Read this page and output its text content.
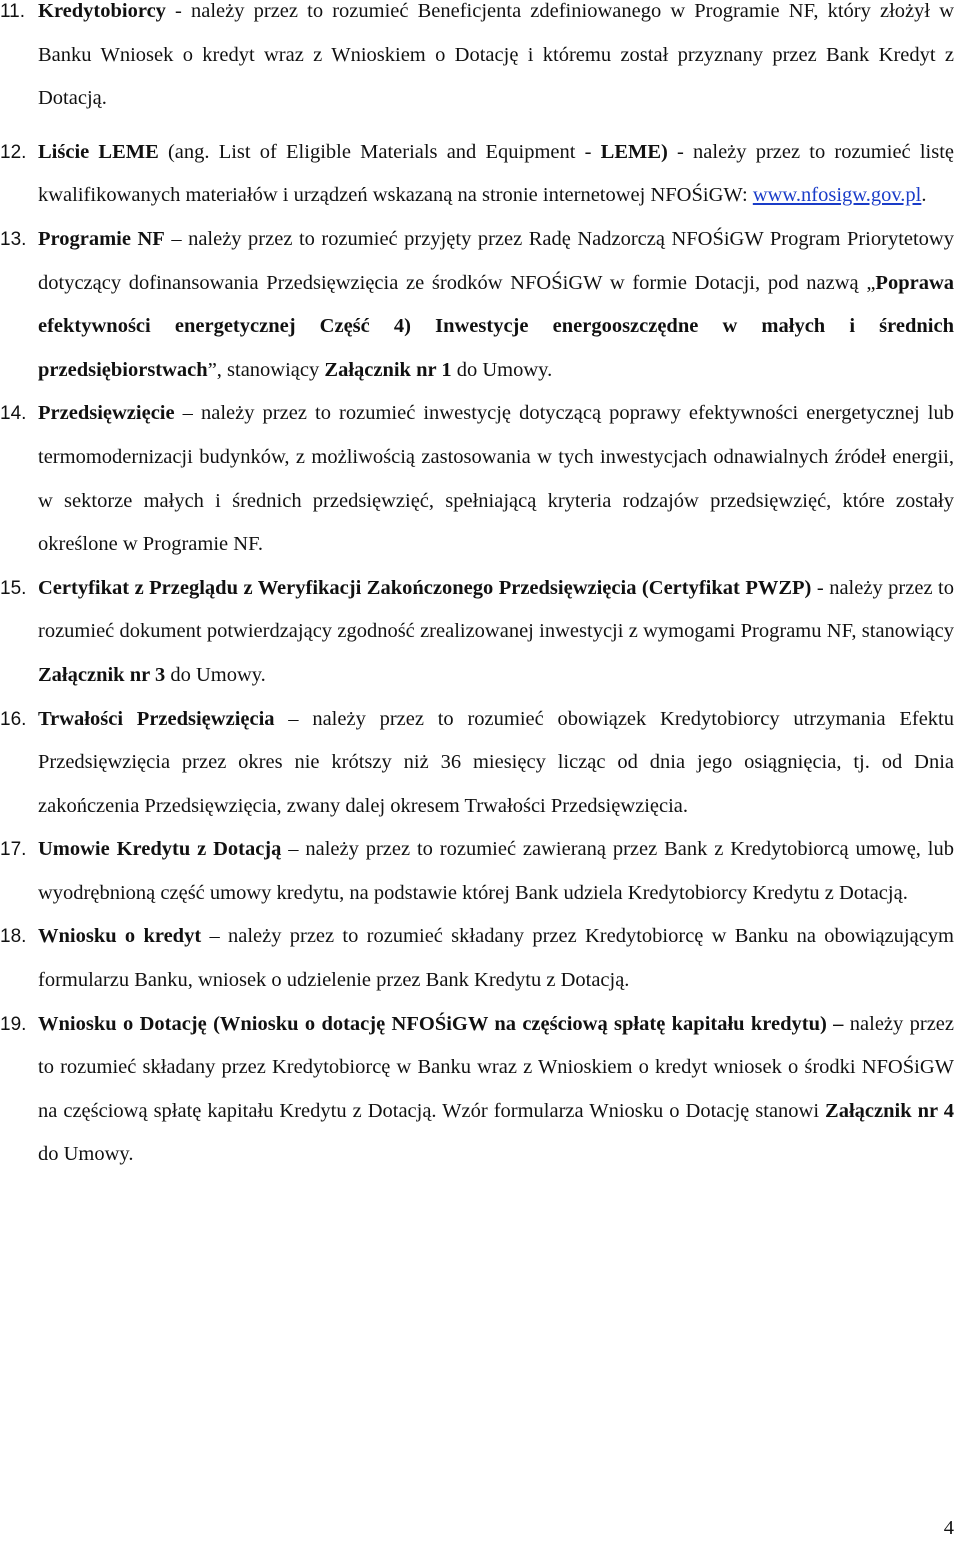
11. Kredytobiorcy - należy przez to rozumieć Beneficjenta zdefiniowanego w Programie NF, który złożył w Banku Wniosek o kredyt wraz z Wnioskiem o Dotację i któremu został przyznany przez Bank Kredyt z Dotacją.

12. Liście LEME (ang. List of Eligible Materials and Equipment - LEME) - należy przez to rozumieć listę kwalifikowanych materiałów i urządzeń wskazaną na stronie internetowej NFOŚiGW: www.nfosigw.gov.pl.

13. Programie NF – należy przez to rozumieć przyjęty przez Radę Nadzorczą NFOŚiGW Program Priorytetowy dotyczący dofinansowania Przedsięwzięcia ze środków NFOŚiGW w formie Dotacji, pod nazwą „Poprawa efektywności energetycznej Część 4) Inwestycje energooszczędne w małych i średnich przedsiębiorstwach”, stanowiący Załącznik nr 1 do Umowy.

14. Przedsięwzięcie – należy przez to rozumieć inwestycję dotyczącą poprawy efektywności energetycznej lub termomodernizacji budynków, z możliwością zastosowania w tych inwestycjach odnawialnych źródeł energii, w sektorze małych i średnich przedsięwzięć, spełniającą kryteria rodzajów przedsięwzięć, które zostały określone w Programie NF.

15. Certyfikat z Przeglądu z Weryfikacji Zakończonego Przedsięwzięcia (Certyfikat PWZP) - należy przez to rozumieć dokument potwierdzający zgodność zrealizowanej inwestycji z wymogami Programu NF, stanowiący Załącznik nr 3 do Umowy.

16. Trwałości Przedsięwzięcia – należy przez to rozumieć obowiązek Kredytobiorcy utrzymania Efektu Przedsięwzięcia przez okres nie krótszy niż 36 miesięcy licząc od dnia jego osiągnięcia, tj. od Dnia zakończenia Przedsięwzięcia, zwany dalej okresem Trwałości Przedsięwzięcia.

17. Umowie Kredytu z Dotacją – należy przez to rozumieć zawieraną przez Bank z Kredytobiorcą umowę, lub wyodrębnioną część umowy kredytu, na podstawie której Bank udziela Kredytobiorcy Kredytu z Dotacją.

18. Wniosku o kredyt – należy przez to rozumieć składany przez Kredytobiorcę w Banku na obowiązującym formularzu Banku, wniosek o udzielenie przez Bank Kredytu z Dotacją.

19. Wniosku o Dotację (Wniosku o dotację NFOŚiGW na częściową spłatę kapitału kredytu) – należy przez to rozumieć składany przez Kredytobiorcę w Banku wraz z Wnioskiem o kredyt wniosek o środki NFOŚiGW na częściową spłatę kapitału Kredytu z Dotacją. Wzór formularza Wniosku o Dotację stanowi Załącznik nr 4 do Umowy.

4
